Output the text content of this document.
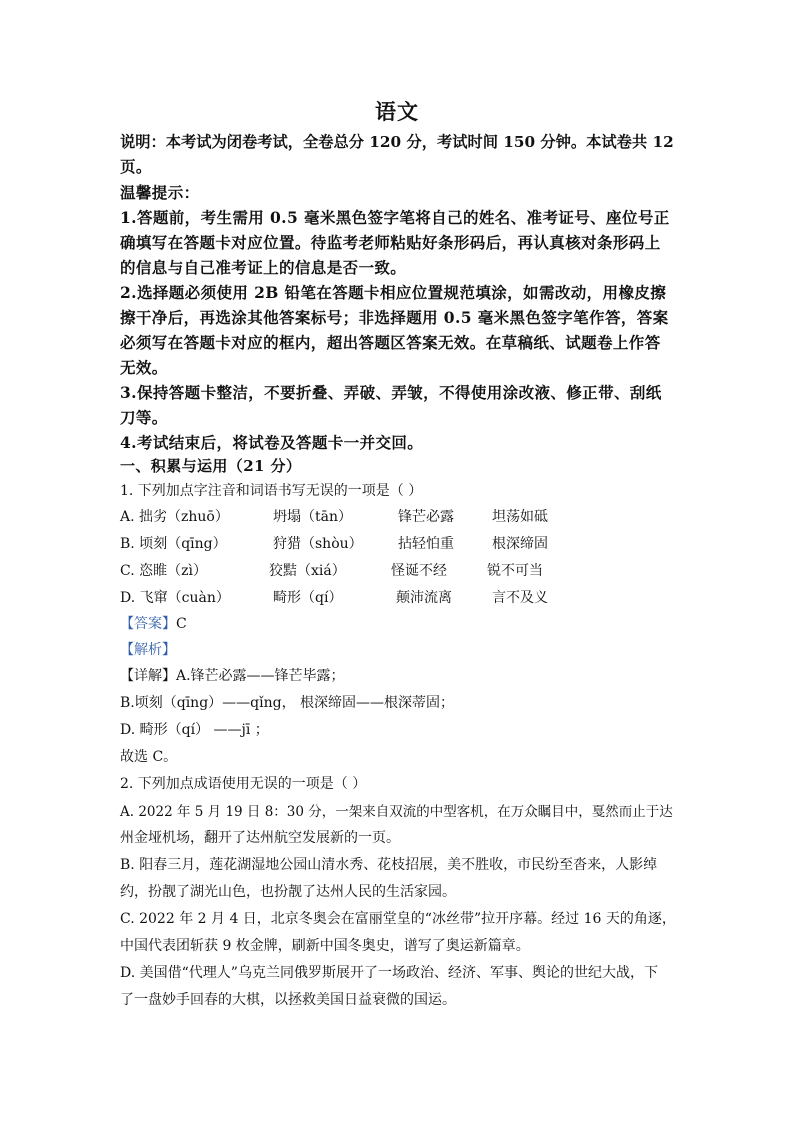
语文
说明：本考试为闭卷考试，全卷总分 120 分，考试时间 150 分钟。本试卷共 12
页。
温馨提示：
1.答题前，考生需用 0.5 毫米黑色签字笔将自己的姓名、准考证号、座位号正
确填写在答题卡对应位置。待监考老师粘贴好条形码后，再认真核对条形码上
的信息与自己准考证上的信息是否一致。
2.选择题必须使用 2B 铅笔在答题卡相应位置规范填涂，如需改动，用橡皮擦
擦干净后，再选涂其他答案标号；非选择题用 0.5 毫米黑色签字笔作答，答案
必须写在答题卡对应的框内，超出答题区答案无效。在草稿纸、试题卷上作答
无效。
3.保持答题卡整洁，不要折叠、弄破、弄皱，不得使用涂改液、修正带、刮纸
刀等。
4.考试结束后，将试卷及答题卡一并交回。
一、积累与运用（21 分）
1. 下列加点字注音和词语书写无误的一项是（ ）
A. 拙劣（zhuō）	坍塌（tān）	锋芒必露	坦荡如砥
B. 顷刻（qīng）	狩猎（shòu）	拈轻怕重	根深缔固
C. 恣睢（zì）	狡黠（xiá）	怪诞不经	锐不可当
D. 飞窜（cuàn）	畸形（qí）	颠沛流离	言不及义
【答案】C
【解析】
【详解】A.锋芒必露——锋芒毕露；
B.顷刻（qīng）——qǐng， 根深缔固——根深蒂固；
D. 畸形（qí） ——jī ；
故选 C。
2. 下列加点成语使用无误的一项是（ ）
A. 2022 年 5 月 19 日 8：30 分，一架来自双流的中型客机，在万众瞩目中，戛然而止于达
州金垭机场，翻开了达州航空发展新的一页。
B. 阳春三月，莲花湖湿地公园山清水秀、花枝招展，美不胜收，市民纷至沓来，人影绰
约，扮靓了湖光山色，也扮靓了达州人民的生活家园。
C. 2022 年 2 月 4 日，北京冬奥会在富丽堂皇的“冰丝带”拉开序幕。经过 16 天的角逐，
中国代表团斩获 9 枚金牌，刷新中国冬奥史，谱写了奥运新篇章。
D. 美国借“代理人”乌克兰同俄罗斯展开了一场政治、经济、军事、舆论的世纪大战，下
了一盘妙手回春的大棋，以拯救美国日益衰微的国运。
